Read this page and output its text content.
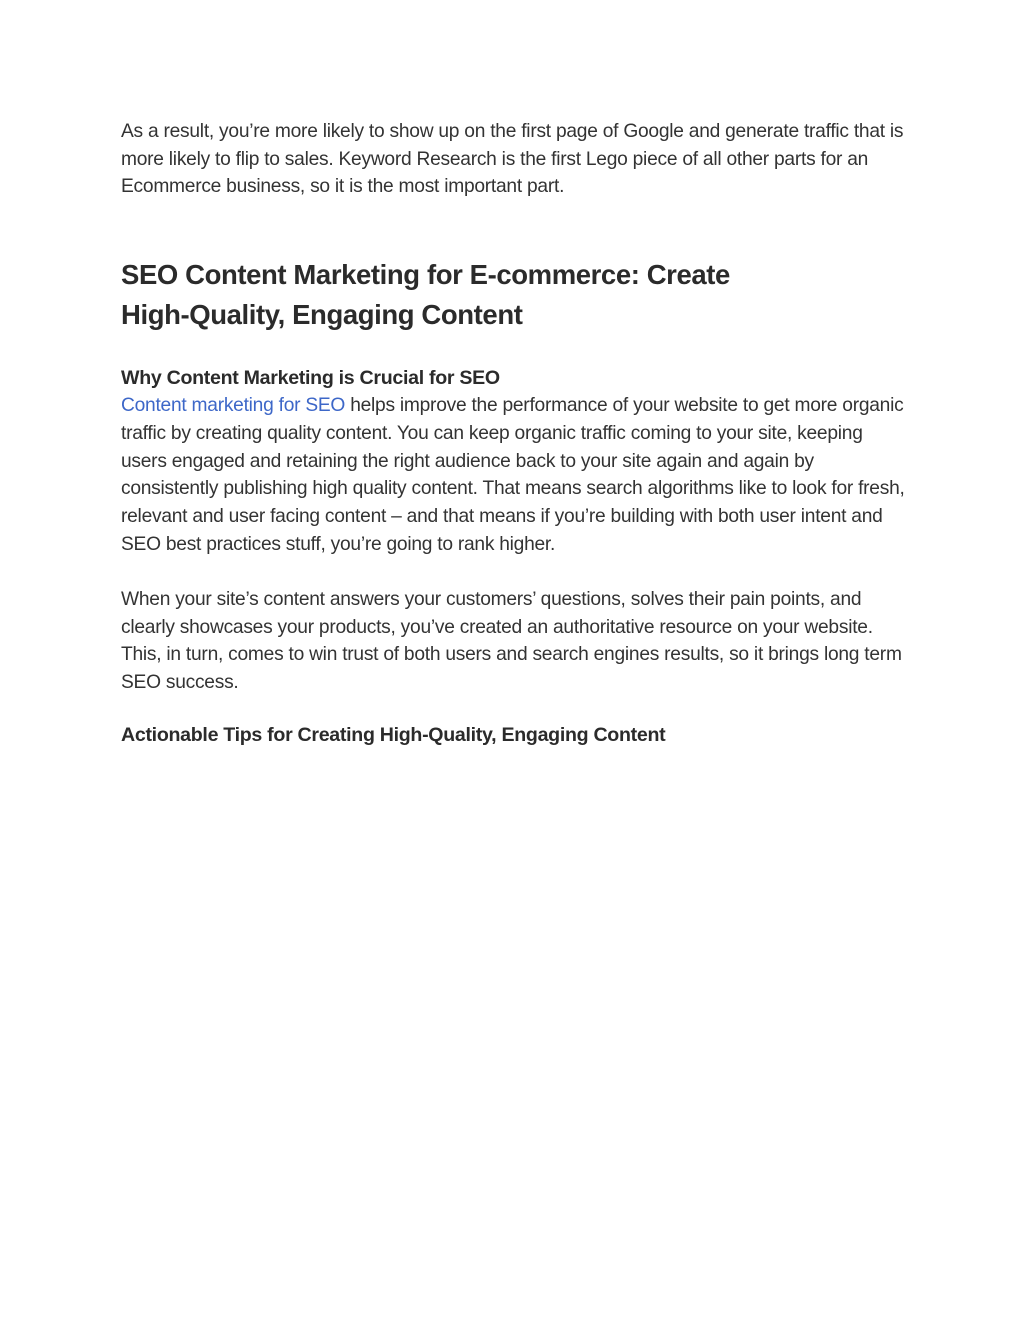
As a result, you’re more likely to show up on the first page of Google and generate traffic that is more likely to flip to sales. Keyword Research is the first Lego piece of all other parts for an Ecommerce business, so it is the most important part.

SEO Content Marketing for E-commerce: Create High-Quality, Engaging Content
Why Content Marketing is Crucial for SEO

Content marketing for SEO helps improve the performance of your website to get more organic traffic by creating quality content. You can keep organic traffic coming to your site, keeping users engaged and retaining the right audience back to your site again and again by consistently publishing high quality content. That means search algorithms like to look for fresh, relevant and user facing content – and that means if you’re building with both user intent and SEO best practices stuff, you’re going to rank higher.

When your site’s content answers your customers’ questions, solves their pain points, and clearly showcases your products, you’ve created an authoritative resource on your website. This, in turn, comes to win trust of both users and search engines results, so it brings long term SEO success.

Actionable Tips for Creating High-Quality, Engaging Content
